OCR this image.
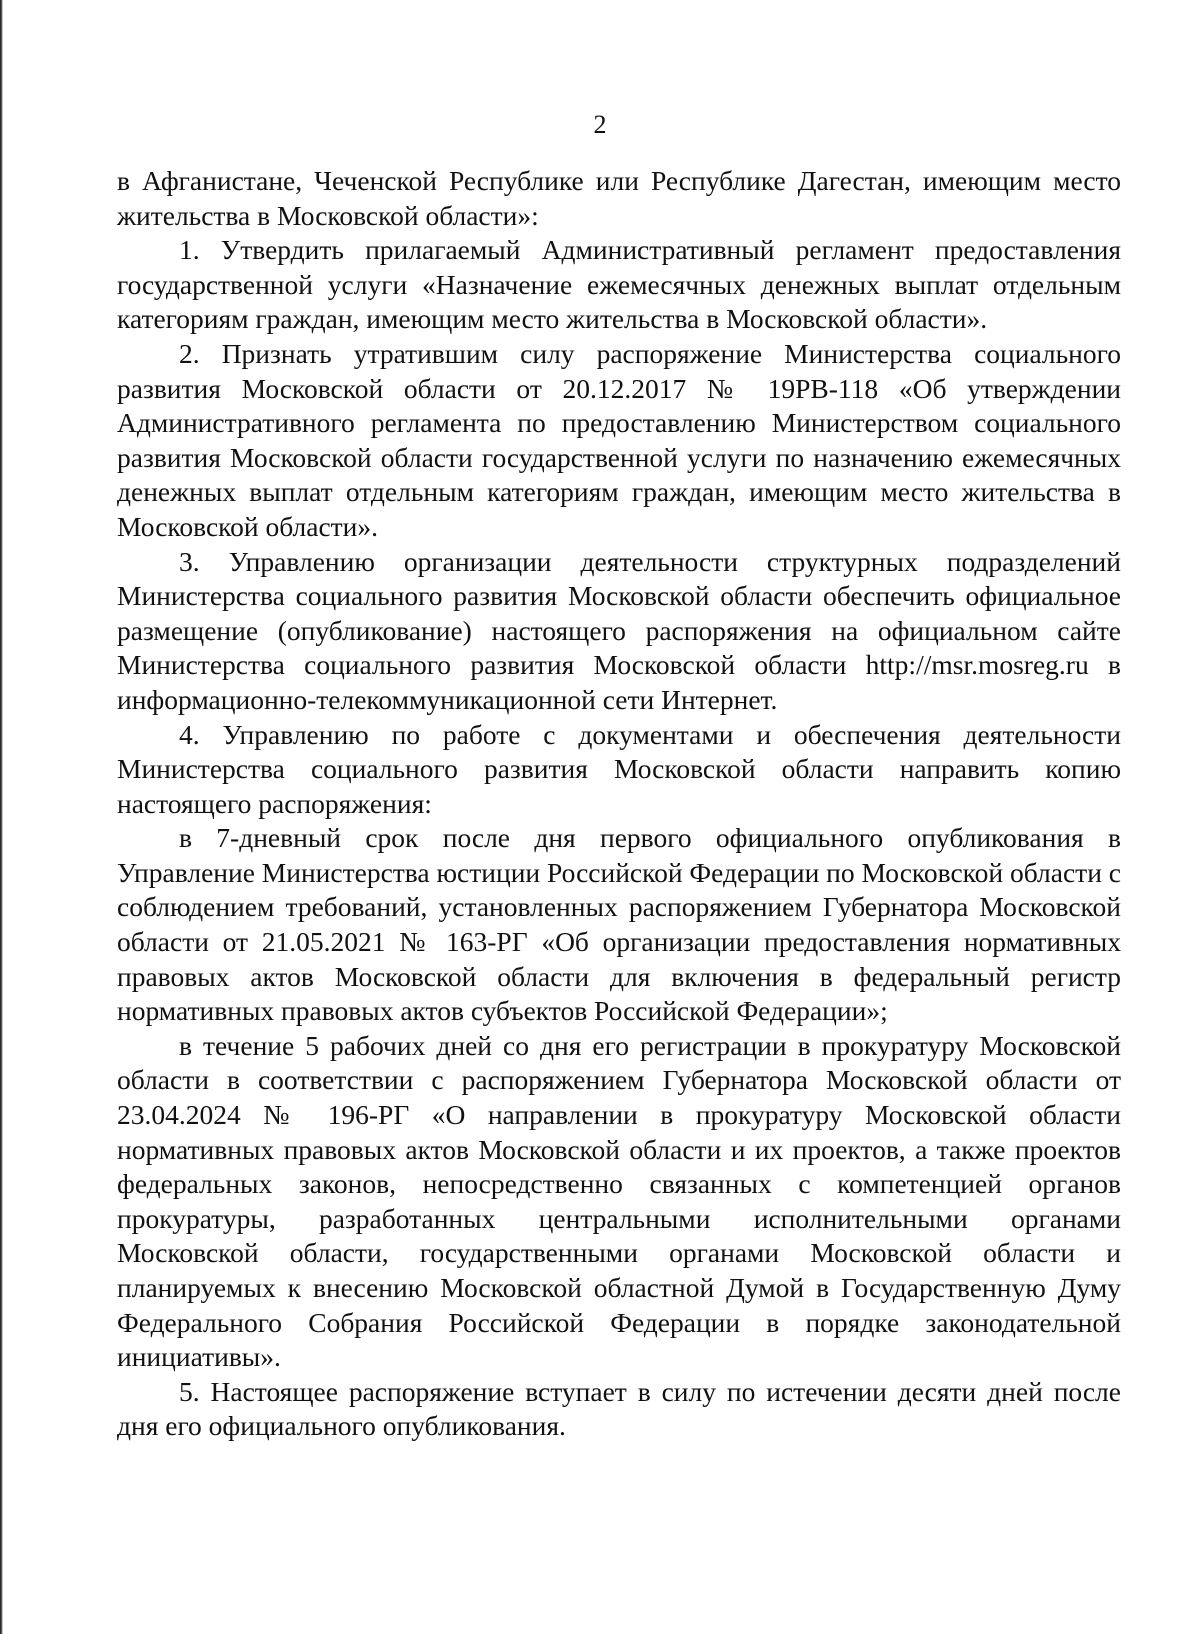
2

в Афганистане, Чеченской Республике или Республике Дагестан, имеющим место жительства в Московской области»:

1. Утвердить прилагаемый Административный регламент предоставления государственной услуги «Назначение ежемесячных денежных выплат отдельным категориям граждан, имеющим место жительства в Московской области».

2. Признать утратившим силу распоряжение Министерства социального развития Московской области от 20.12.2017 № 19РВ-118 «Об утверждении Административного регламента по предоставлению Министерством социального развития Московской области государственной услуги по назначению ежемесячных денежных выплат отдельным категориям граждан, имеющим место жительства в Московской области».

3. Управлению организации деятельности структурных подразделений Министерства социального развития Московской области обеспечить официальное размещение (опубликование) настоящего распоряжения на официальном сайте Министерства социального развития Московской области http://msr.mosreg.ru в информационно-телекоммуникационной сети Интернет.

4. Управлению по работе с документами и обеспечения деятельности Министерства социального развития Московской области направить копию настоящего распоряжения:

в 7-дневный срок после дня первого официального опубликования в Управление Министерства юстиции Российской Федерации по Московской области с соблюдением требований, установленных распоряжением Губернатора Московской области от 21.05.2021 № 163-РГ «Об организации предоставления нормативных правовых актов Московской области для включения в федеральный регистр нормативных правовых актов субъектов Российской Федерации»;

в течение 5 рабочих дней со дня его регистрации в прокуратуру Московской области в соответствии с распоряжением Губернатора Московской области от 23.04.2024 № 196-РГ «О направлении в прокуратуру Московской области нормативных правовых актов Московской области и их проектов, а также проектов федеральных законов, непосредственно связанных с компетенцией органов прокуратуры, разработанных центральными исполнительными органами Московской области, государственными органами Московской области и планируемых к внесению Московской областной Думой в Государственную Думу Федерального Собрания Российской Федерации в порядке законодательной инициативы».

5. Настоящее распоряжение вступает в силу по истечении десяти дней после дня его официального опубликования.
